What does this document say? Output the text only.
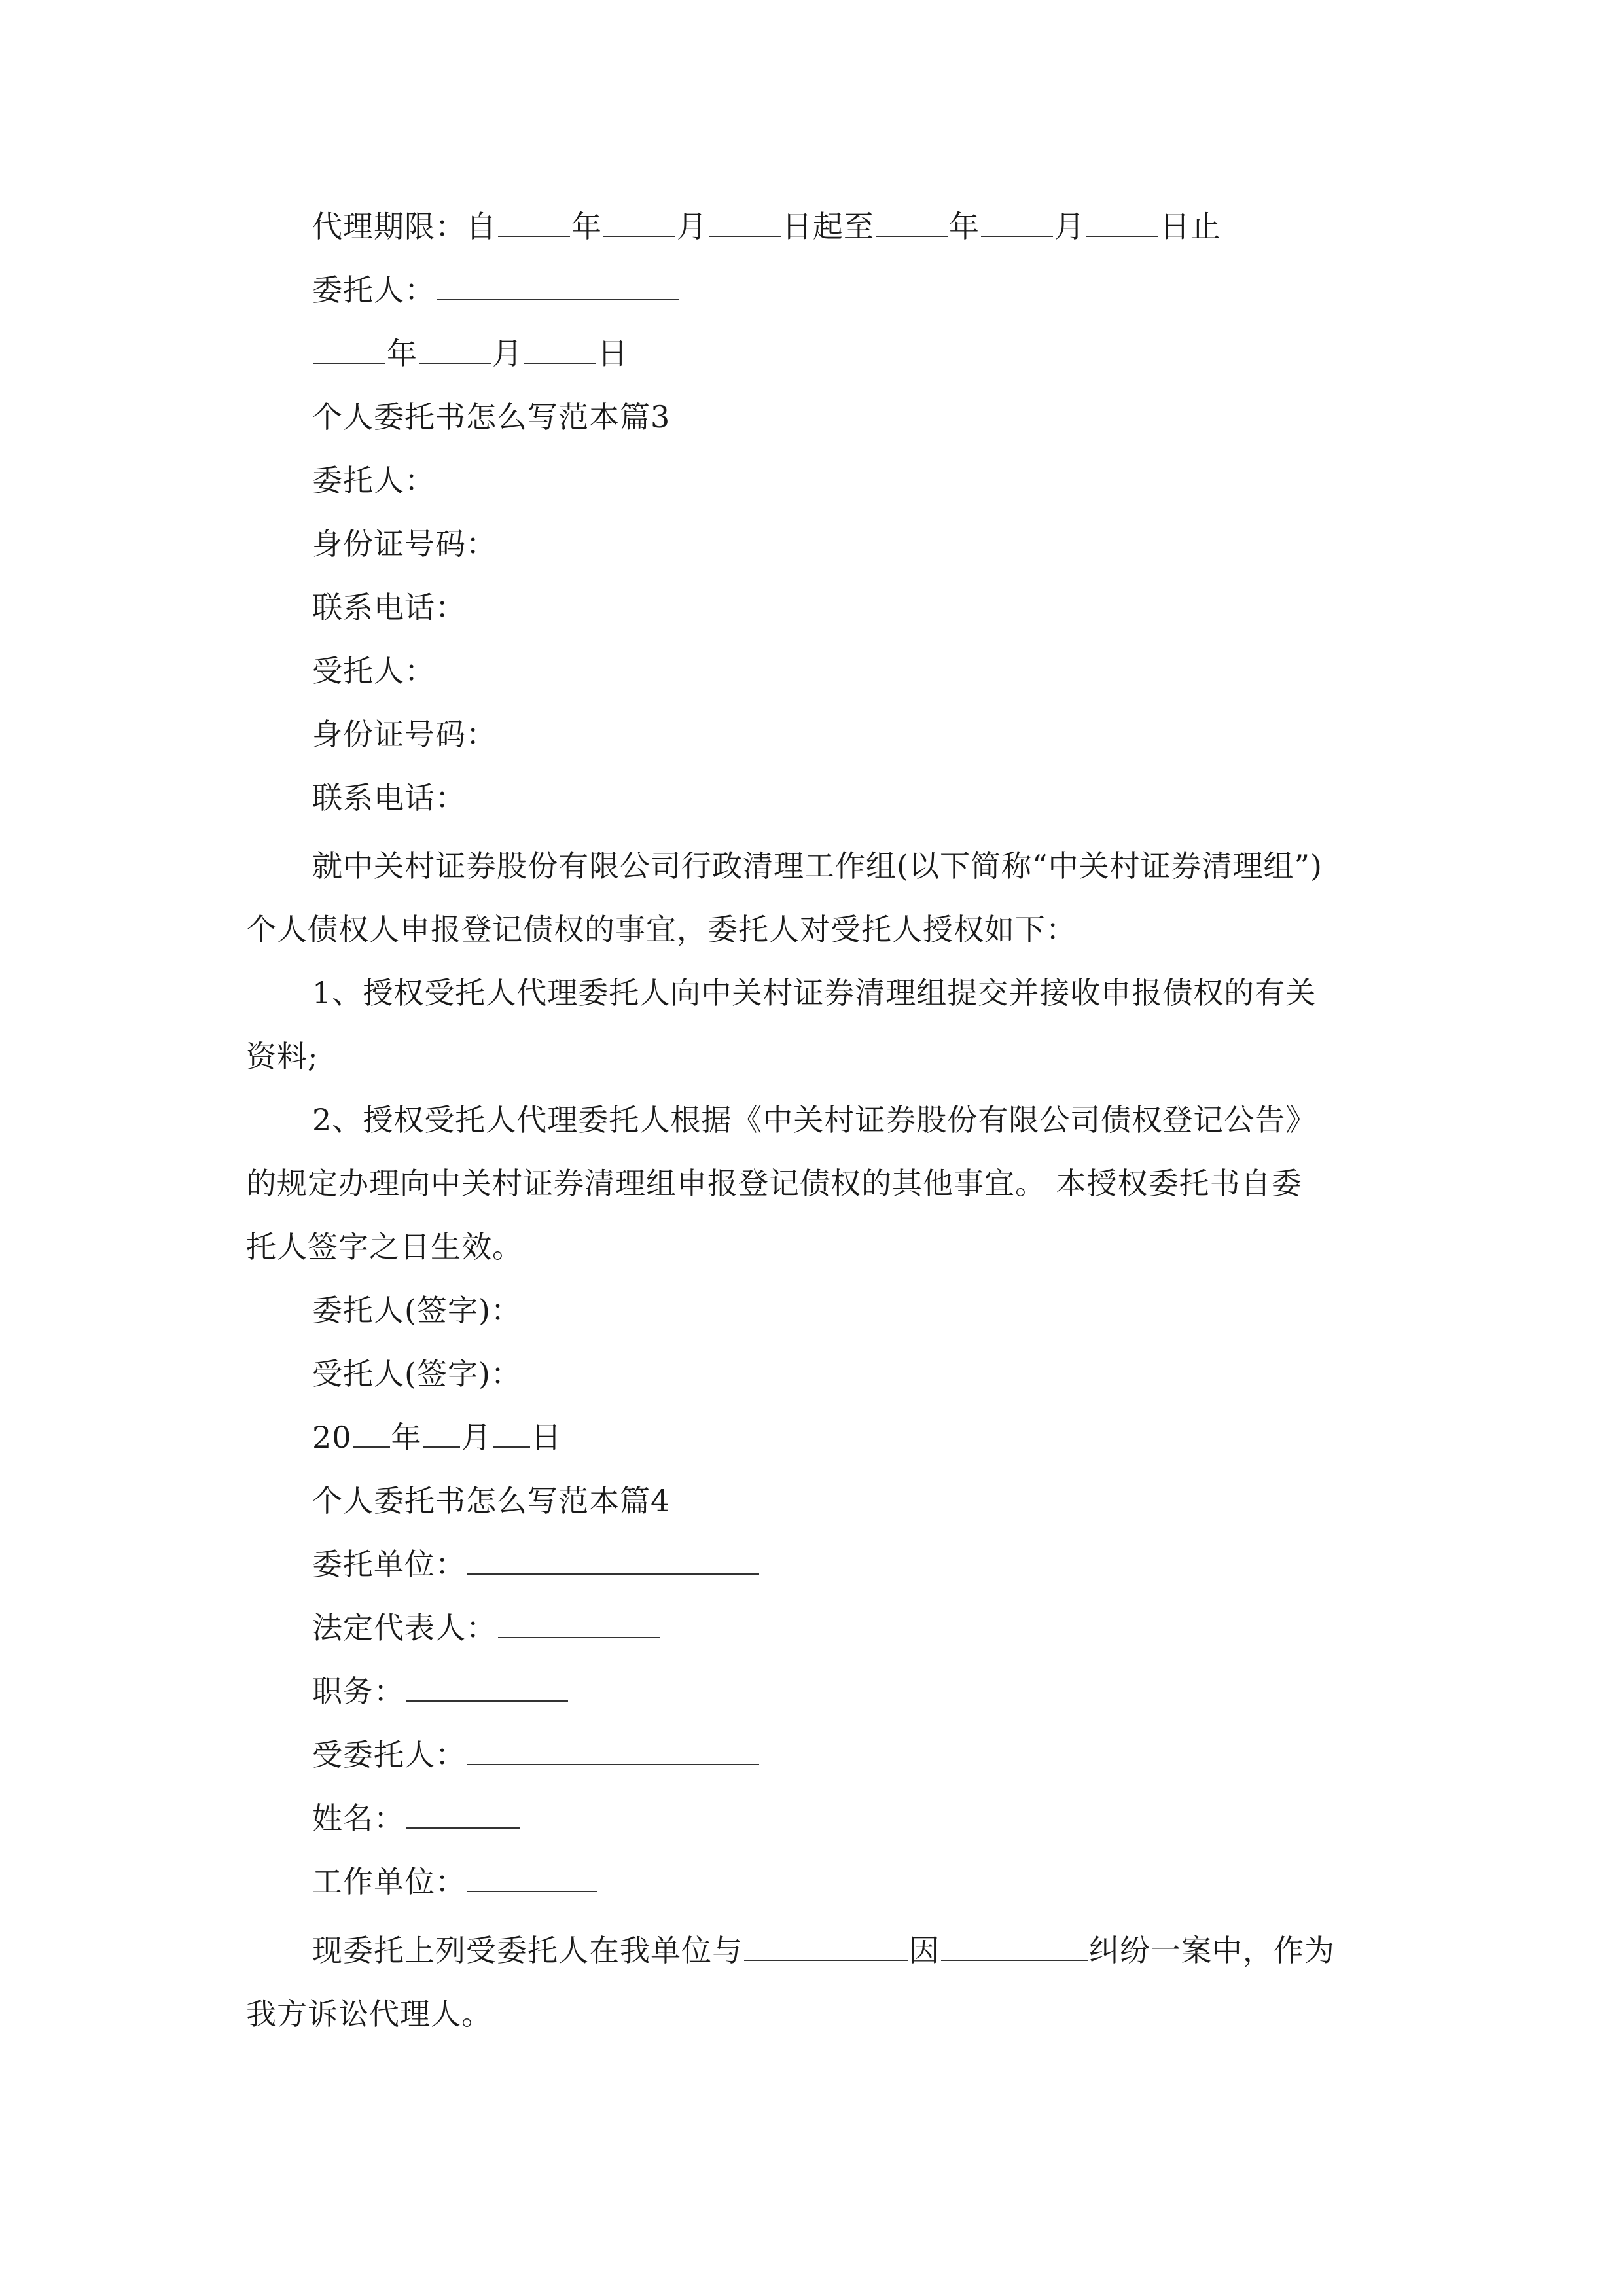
代理期限：自 年 月 日起至 年 月 日止
委托人：
年 月 日
个人委托书怎么写范本篇3
委托人：
身份证号码：
联系电话：
受托人：
身份证号码：
联系电话：
就中关村证券股份有限公司行政清理工作组(以下简称“中关村证券清理组”)
个人债权人申报登记债权的事宜，委托人对受托人授权如下：
1、授权受托人代理委托人向中关村证券清理组提交并接收申报债权的有关
资料;
2、授权受托人代理委托人根据《中关村证券股份有限公司债权登记公告》
的规定办理向中关村证券清理组申报登记债权的其他事宜。 本授权委托书自委
托人签字之日生效。
委托人(签字)：
受托人(签字)：
20 年 月 日
个人委托书怎么写范本篇4
委托单位：
法定代表人：
职务：
受委托人：
姓名：
工作单位：
现委托上列受委托人在我单位与	因	纠纷一案中，作为
我方诉讼代理人。
